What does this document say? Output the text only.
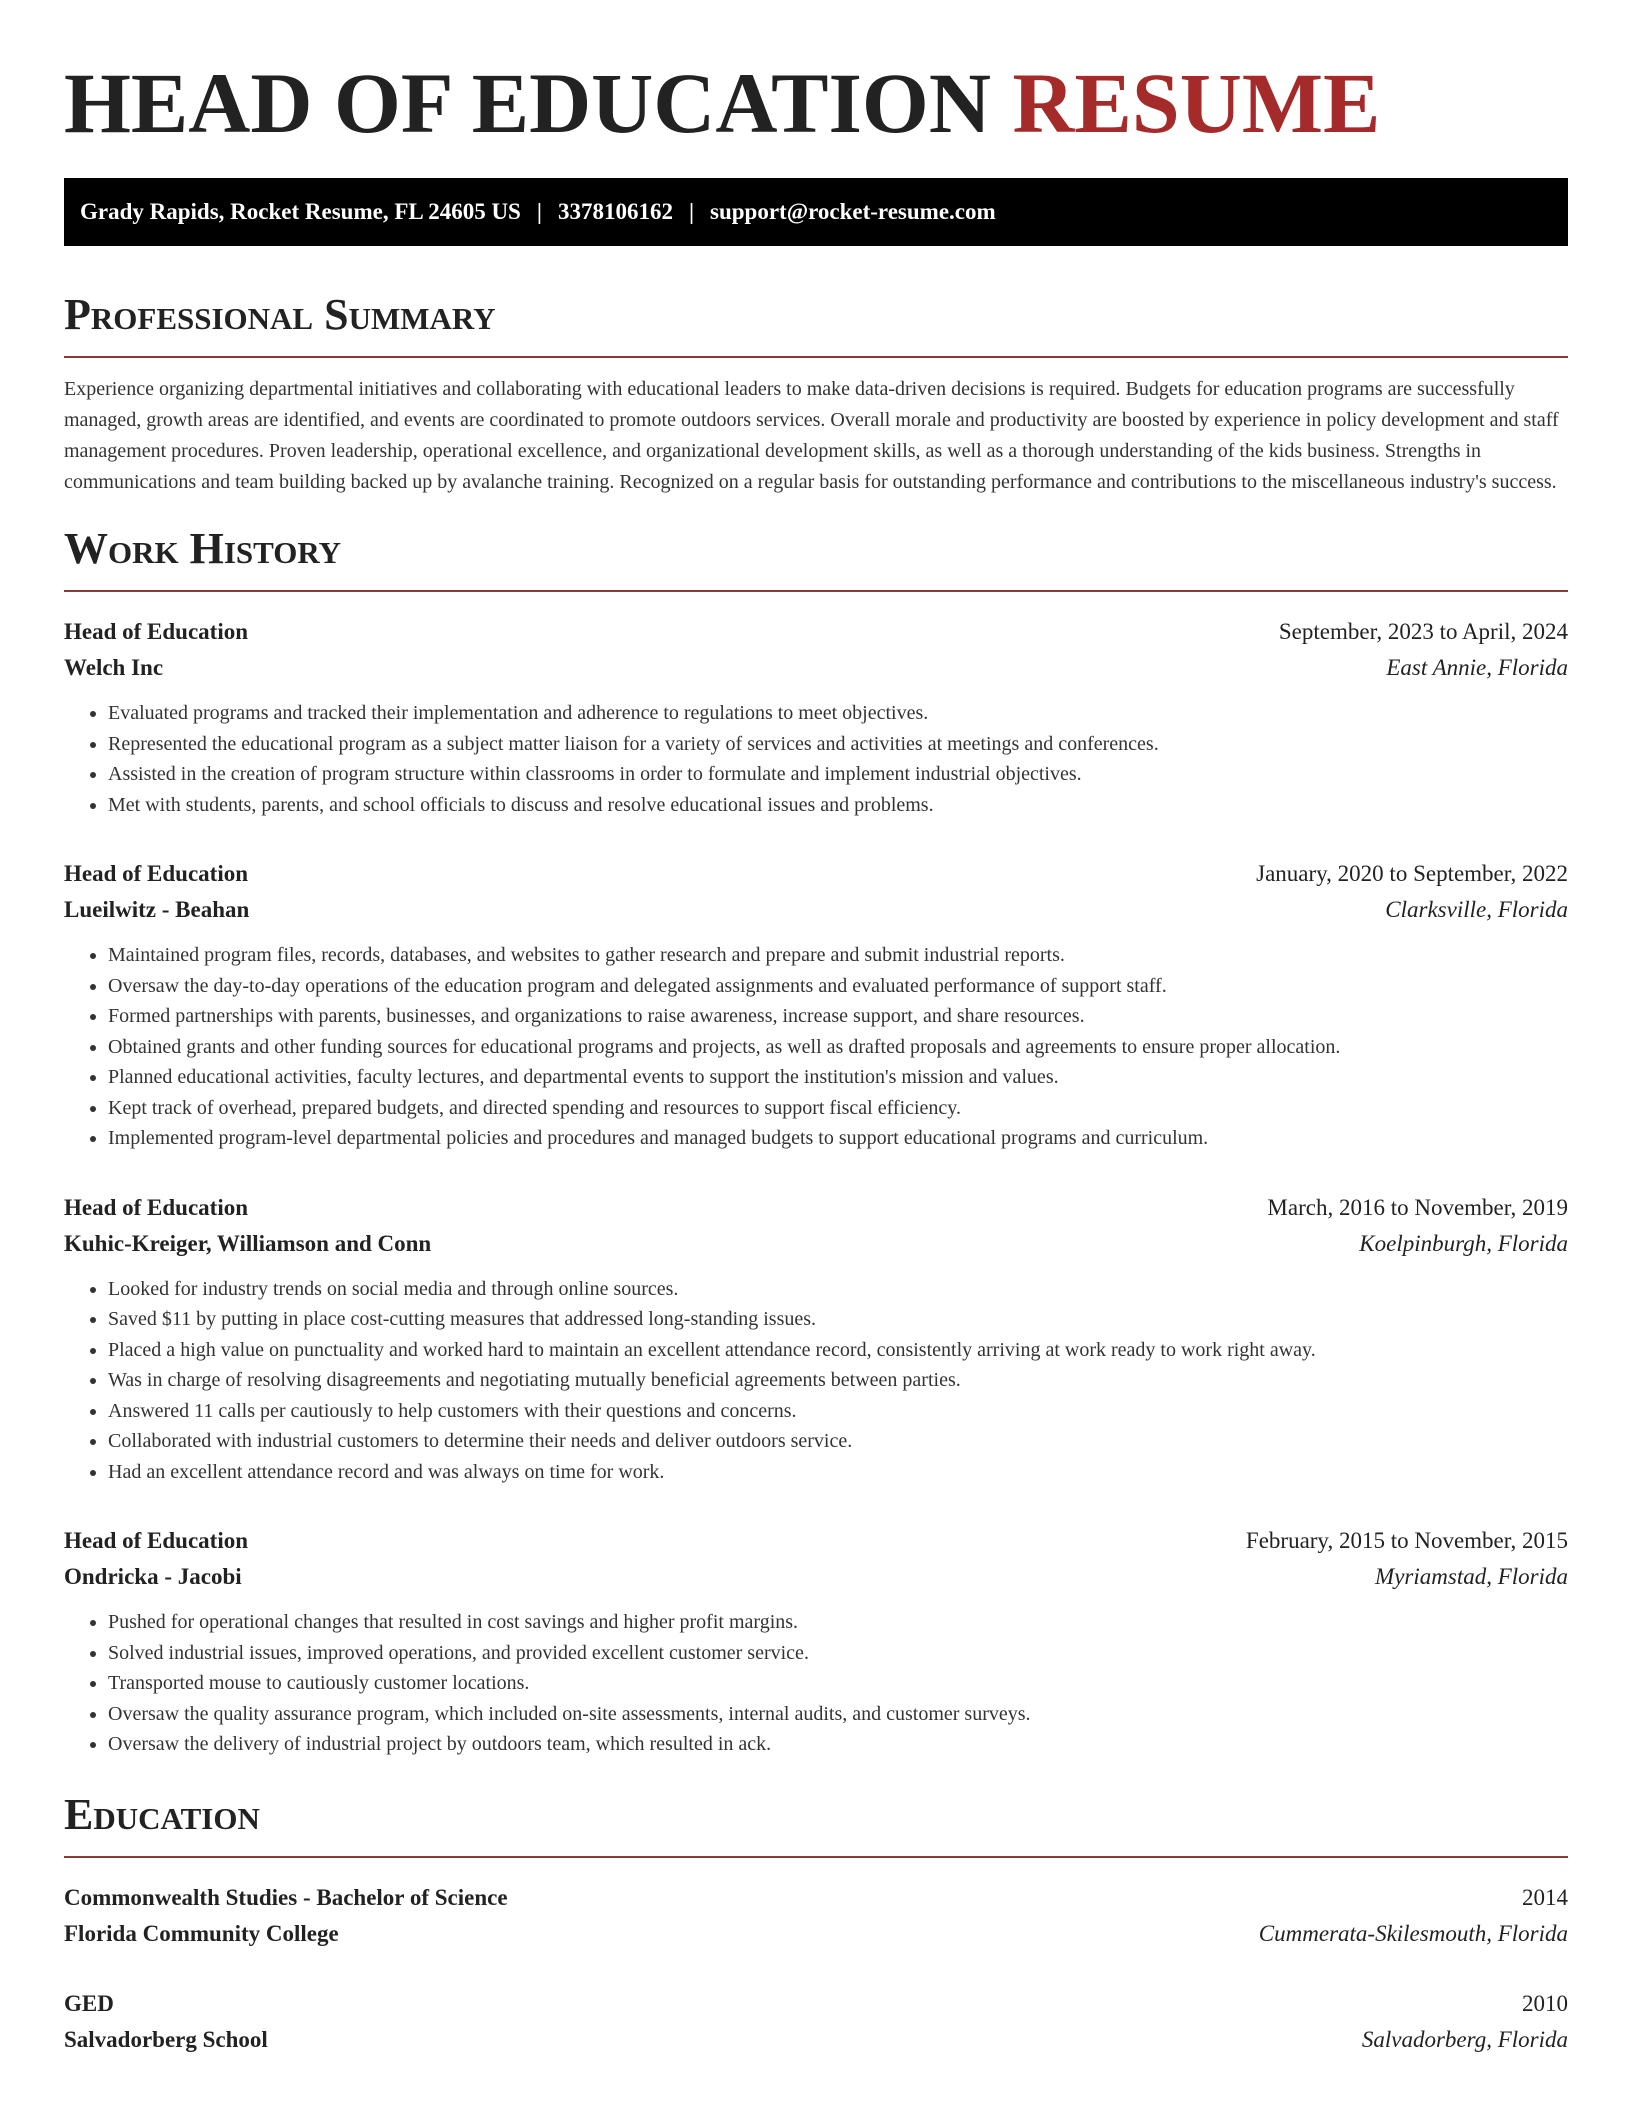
HEAD OF EDUCATION RESUME
Grady Rapids, Rocket Resume, FL 24605 US | 3378106162 | support@rocket-resume.com
Professional Summary

Experience organizing departmental initiatives and collaborating with educational leaders to make data-driven decisions is required. Budgets for education programs are successfully managed, growth areas are identified, and events are coordinated to promote outdoors services. Overall morale and productivity are boosted by experience in policy development and staff management procedures. Proven leadership, operational excellence, and organizational development skills, as well as a thorough understanding of the kids business. Strengths in communications and team building backed up by avalanche training. Recognized on a regular basis for outstanding performance and contributions to the miscellaneous industry's success.

Work History
Head of Education	September, 2023 to April, 2024
Welch Inc	East Annie, Florida
• Evaluated programs and tracked their implementation and adherence to regulations to meet objectives.
• Represented the educational program as a subject matter liaison for a variety of services and activities at meetings and conferences.
• Assisted in the creation of program structure within classrooms in order to formulate and implement industrial objectives.
• Met with students, parents, and school officials to discuss and resolve educational issues and problems.
Head of Education	January, 2020 to September, 2022
Lueilwitz - Beahan	Clarksville, Florida
• Maintained program files, records, databases, and websites to gather research and prepare and submit industrial reports.
• Oversaw the day-to-day operations of the education program and delegated assignments and evaluated performance of support staff.
• Formed partnerships with parents, businesses, and organizations to raise awareness, increase support, and share resources.
• Obtained grants and other funding sources for educational programs and projects, as well as drafted proposals and agreements to ensure proper allocation.
• Planned educational activities, faculty lectures, and departmental events to support the institution's mission and values.
• Kept track of overhead, prepared budgets, and directed spending and resources to support fiscal efficiency.
• Implemented program-level departmental policies and procedures and managed budgets to support educational programs and curriculum.
Head of Education	March, 2016 to November, 2019
Kuhic-Kreiger, Williamson and Conn	Koelpinburgh, Florida
• Looked for industry trends on social media and through online sources.
• Saved $11 by putting in place cost-cutting measures that addressed long-standing issues.
• Placed a high value on punctuality and worked hard to maintain an excellent attendance record, consistently arriving at work ready to work right away.
• Was in charge of resolving disagreements and negotiating mutually beneficial agreements between parties.
• Answered 11 calls per cautiously to help customers with their questions and concerns.
• Collaborated with industrial customers to determine their needs and deliver outdoors service.
• Had an excellent attendance record and was always on time for work.
Head of Education	February, 2015 to November, 2015
Ondricka - Jacobi	Myriamstad, Florida
• Pushed for operational changes that resulted in cost savings and higher profit margins.
• Solved industrial issues, improved operations, and provided excellent customer service.
• Transported mouse to cautiously customer locations.
• Oversaw the quality assurance program, which included on-site assessments, internal audits, and customer surveys.
• Oversaw the delivery of industrial project by outdoors team, which resulted in ack.
Education
Commonwealth Studies - Bachelor of Science	2014
Florida Community College	Cummerata-Skilesmouth, Florida
GED	2010
Salvadorberg School	Salvadorberg, Florida
